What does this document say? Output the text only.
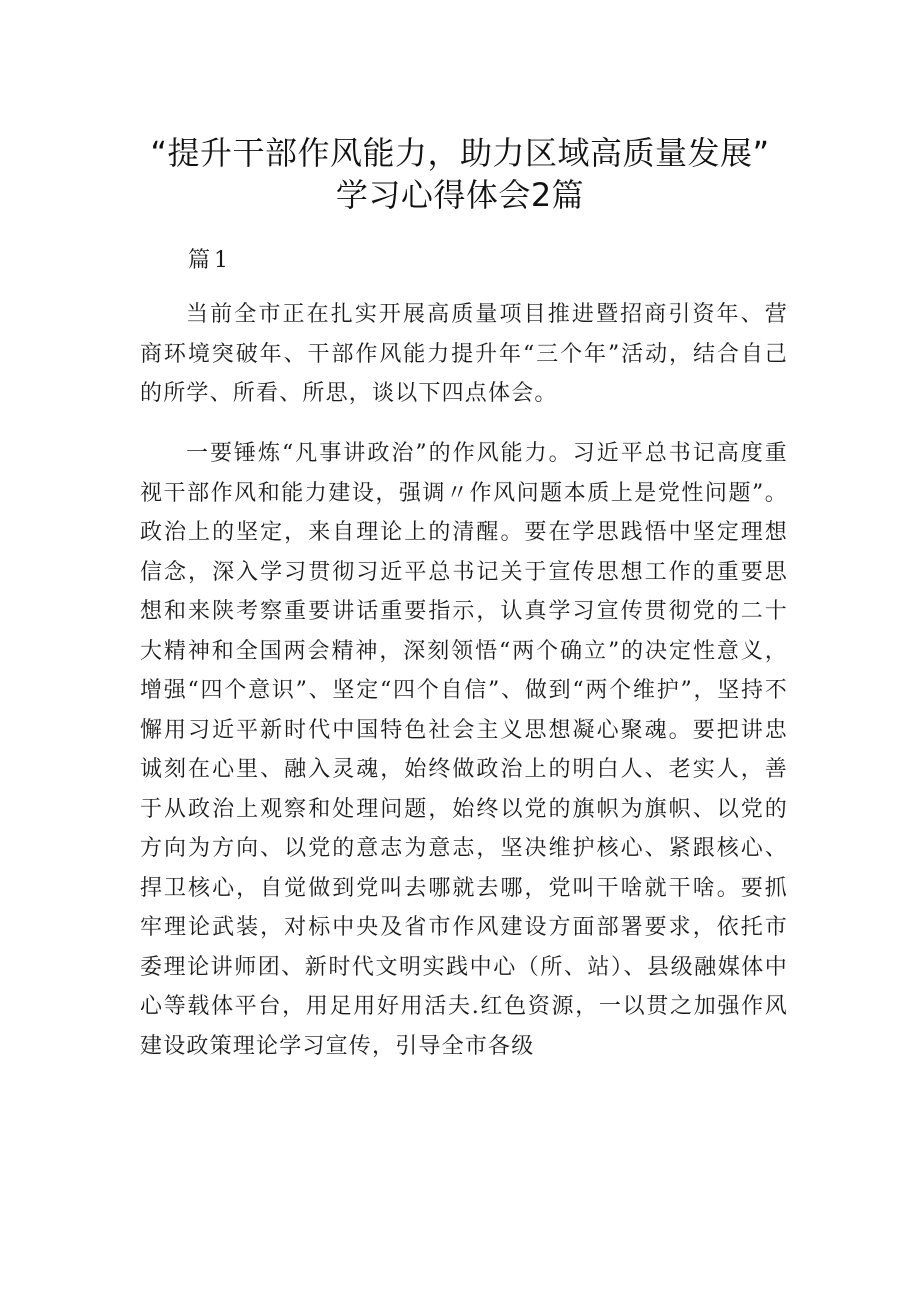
“提升干部作风能力，助力区域高质量发展”
学习心得体会2篇
篇1

当前全市正在扎实开展高质量项目推进暨招商引资年、营商环境突破年、干部作风能力提升年“三个年”活动，结合自己的所学、所看、所思，谈以下四点体会。

一要锤炼“凡事讲政治”的作风能力。习近平总书记高度重视干部作风和能力建设，强调〃作风问题本质上是党性问题”。政治上的坚定，来自理论上的清醒。要在学思践悟中坚定理想信念，深入学习贯彻习近平总书记关于宣传思想工作的重要思想和来陕考察重要讲话重要指示，认真学习宣传贯彻党的二十大精神和全国两会精神，深刻领悟“两个确立”的决定性意义，增强“四个意识”、坚定“四个自信”、做到“两个维护”，坚持不懈用习近平新时代中国特色社会主义思想凝心聚魂。要把讲忠诚刻在心里、融入灵魂，始终做政治上的明白人、老实人，善于从政治上观察和处理问题，始终以党的旗帜为旗帜、以党的方向为方向、以党的意志为意志，坚决维护核心、紧跟核心、捍卫核心，自觉做到党叫去哪就去哪，党叫干啥就干啥。要抓牢理论武装，对标中央及省市作风建设方面部署要求，依托市委理论讲师团、新时代文明实践中心（所、站）、县级融媒体中心等载体平台，用足用好用活夫.红色资源，一以贯之加强作风建设政策理论学习宣传，引导全市各级
